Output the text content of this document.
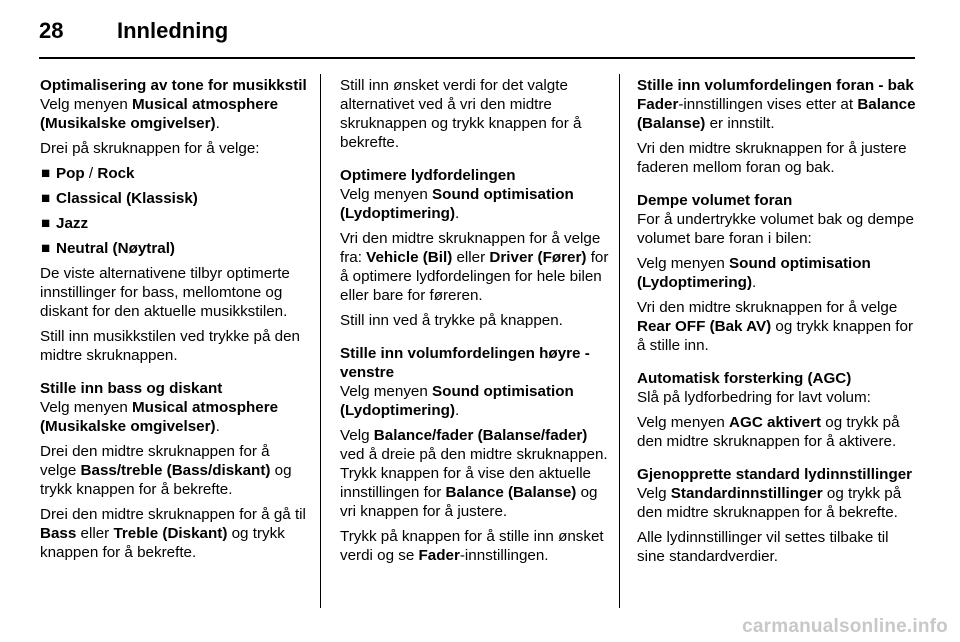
28 Innledning
Optimalisering av tone for musikkstil

Velg menyen Musical atmosphere (Musikalske omgivelser).

Drei på skruknappen for å velge:

■ Pop / Rock
■ Classical (Klassisk)
■ Jazz
■ Neutral (Nøytral)

De viste alternativene tilbyr optimerte innstillinger for bass, mellomtone og diskant for den aktuelle musikkstilen.

Still inn musikkstilen ved trykke på den midtre skruknappen.

Stille inn bass og diskant

Velg menyen Musical atmosphere (Musikalske omgivelser).

Drei den midtre skruknappen for å velge Bass/treble (Bass/diskant) og trykk knappen for å bekrefte.

Drei den midtre skruknappen for å gå til Bass eller Treble (Diskant) og trykk knappen for å bekrefte.

Still inn ønsket verdi for det valgte alternativet ved å vri den midtre skruknappen og trykk knappen for å bekrefte.

Optimere lydfordelingen

Velg menyen Sound optimisation (Lydoptimering).

Vri den midtre skruknappen for å velge fra: Vehicle (Bil) eller Driver (Fører) for å optimere lydfordelingen for hele bilen eller bare for føreren.

Still inn ved å trykke på knappen.

Stille inn volumfordelingen høyre - venstre

Velg menyen Sound optimisation (Lydoptimering).

Velg Balance/fader (Balanse/fader) ved å dreie på den midtre skruknappen. Trykk knappen for å vise den aktuelle innstillingen for Balance (Balanse) og vri knappen for å justere.

Trykk på knappen for å stille inn ønsket verdi og se Fader-innstillingen.

Stille inn volumfordelingen foran - bak

Fader-innstillingen vises etter at Balance (Balanse) er innstilt.

Vri den midtre skruknappen for å justere faderen mellom foran og bak.

Dempe volumet foran

For å undertrykke volumet bak og dempe volumet bare foran i bilen:

Velg menyen Sound optimisation (Lydoptimering).

Vri den midtre skruknappen for å velge Rear OFF (Bak AV) og trykk knappen for å stille inn.

Automatisk forsterking (AGC)

Slå på lydforbedring for lavt volum:

Velg menyen AGC aktivert og trykk på den midtre skruknappen for å aktivere.

Gjenopprette standard lydinnstillinger

Velg Standardinnstillinger og trykk på den midtre skruknappen for å bekrefte.

Alle lydinnstillinger vil settes tilbake til sine standardverdier.

carmanualsonline.info
